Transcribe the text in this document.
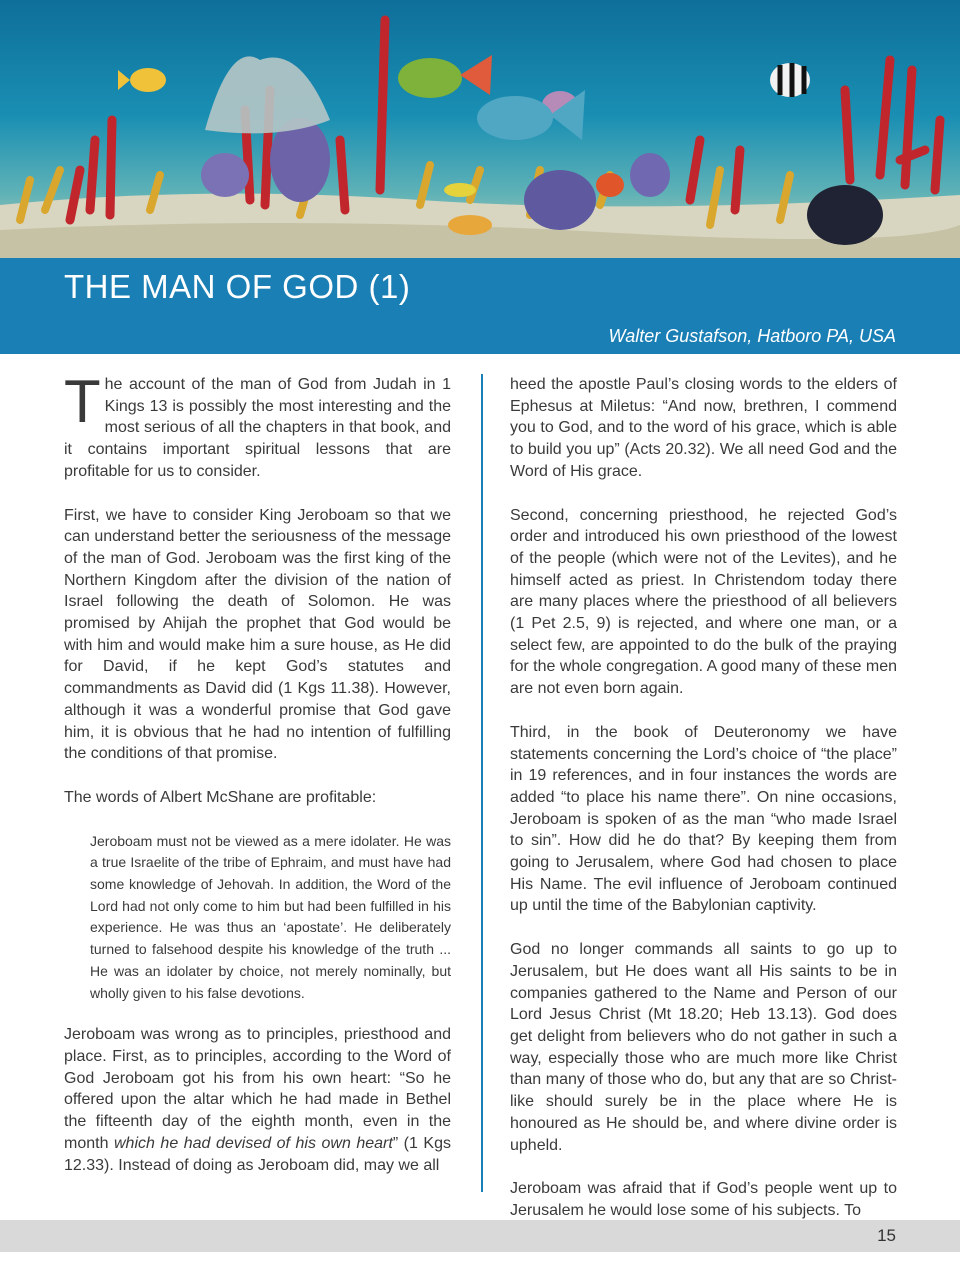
THE MAN OF GOD (1)
Walter Gustafson, Hatboro PA, USA

The account of the man of God from Judah in 1 Kings 13 is possibly the most interesting and the most serious of all the chapters in that book, and it contains important spiritual lessons that are profitable for us to consider.

First, we have to consider King Jeroboam so that we can understand better the seriousness of the message of the man of God. Jeroboam was the first king of the Northern Kingdom after the division of the nation of Israel following the death of Solomon. He was promised by Ahijah the prophet that God would be with him and would make him a sure house, as He did for David, if he kept God’s statutes and commandments as David did (1 Kgs 11.38). However, although it was a wonderful promise that God gave him, it is obvious that he had no intention of fulfilling the conditions of that promise.

The words of Albert McShane are profitable:

Jeroboam must not be viewed as a mere idolater. He was a true Israelite of the tribe of Ephraim, and must have had some knowledge of Jehovah. In addition, the Word of the Lord had not only come to him but had been fulfilled in his experience. He was thus an ‘apostate’. He deliberately turned to falsehood despite his knowledge of the truth ... He was an idolater by choice, not merely nominally, but wholly given to his false devotions.

Jeroboam was wrong as to principles, priesthood and place. First, as to principles, according to the Word of God Jeroboam got his from his own heart: “So he offered upon the altar which he had made in Bethel the fifteenth day of the eighth month, even in the month which he had devised of his own heart” (1 Kgs 12.33). Instead of doing as Jeroboam did, may we all

heed the apostle Paul’s closing words to the elders of Ephesus at Miletus: “And now, brethren, I commend you to God, and to the word of his grace, which is able to build you up” (Acts 20.32). We all need God and the Word of His grace.

Second, concerning priesthood, he rejected God’s order and introduced his own priesthood of the lowest of the people (which were not of the Levites), and he himself acted as priest. In Christendom today there are many places where the priesthood of all believers (1 Pet 2.5, 9) is rejected, and where one man, or a select few, are appointed to do the bulk of the praying for the whole congregation. A good many of these men are not even born again.

Third, in the book of Deuteronomy we have statements concerning the Lord’s choice of “the place” in 19 references, and in four instances the words are added “to place his name there”. On nine occasions, Jeroboam is spoken of as the man “who made Israel to sin”. How did he do that? By keeping them from going to Jerusalem, where God had chosen to place His Name. The evil influence of Jeroboam continued up until the time of the Babylonian captivity.

God no longer commands all saints to go up to Jerusalem, but He does want all His saints to be in companies gathered to the Name and Person of our Lord Jesus Christ (Mt 18.20; Heb 13.13). God does get delight from believers who do not gather in such a way, especially those who are much more like Christ than many of those who do, but any that are so Christ-like should surely be in the place where He is honoured as He should be, and where divine order is upheld.

Jeroboam was afraid that if God’s people went up to Jerusalem he would lose some of his subjects. To

15
